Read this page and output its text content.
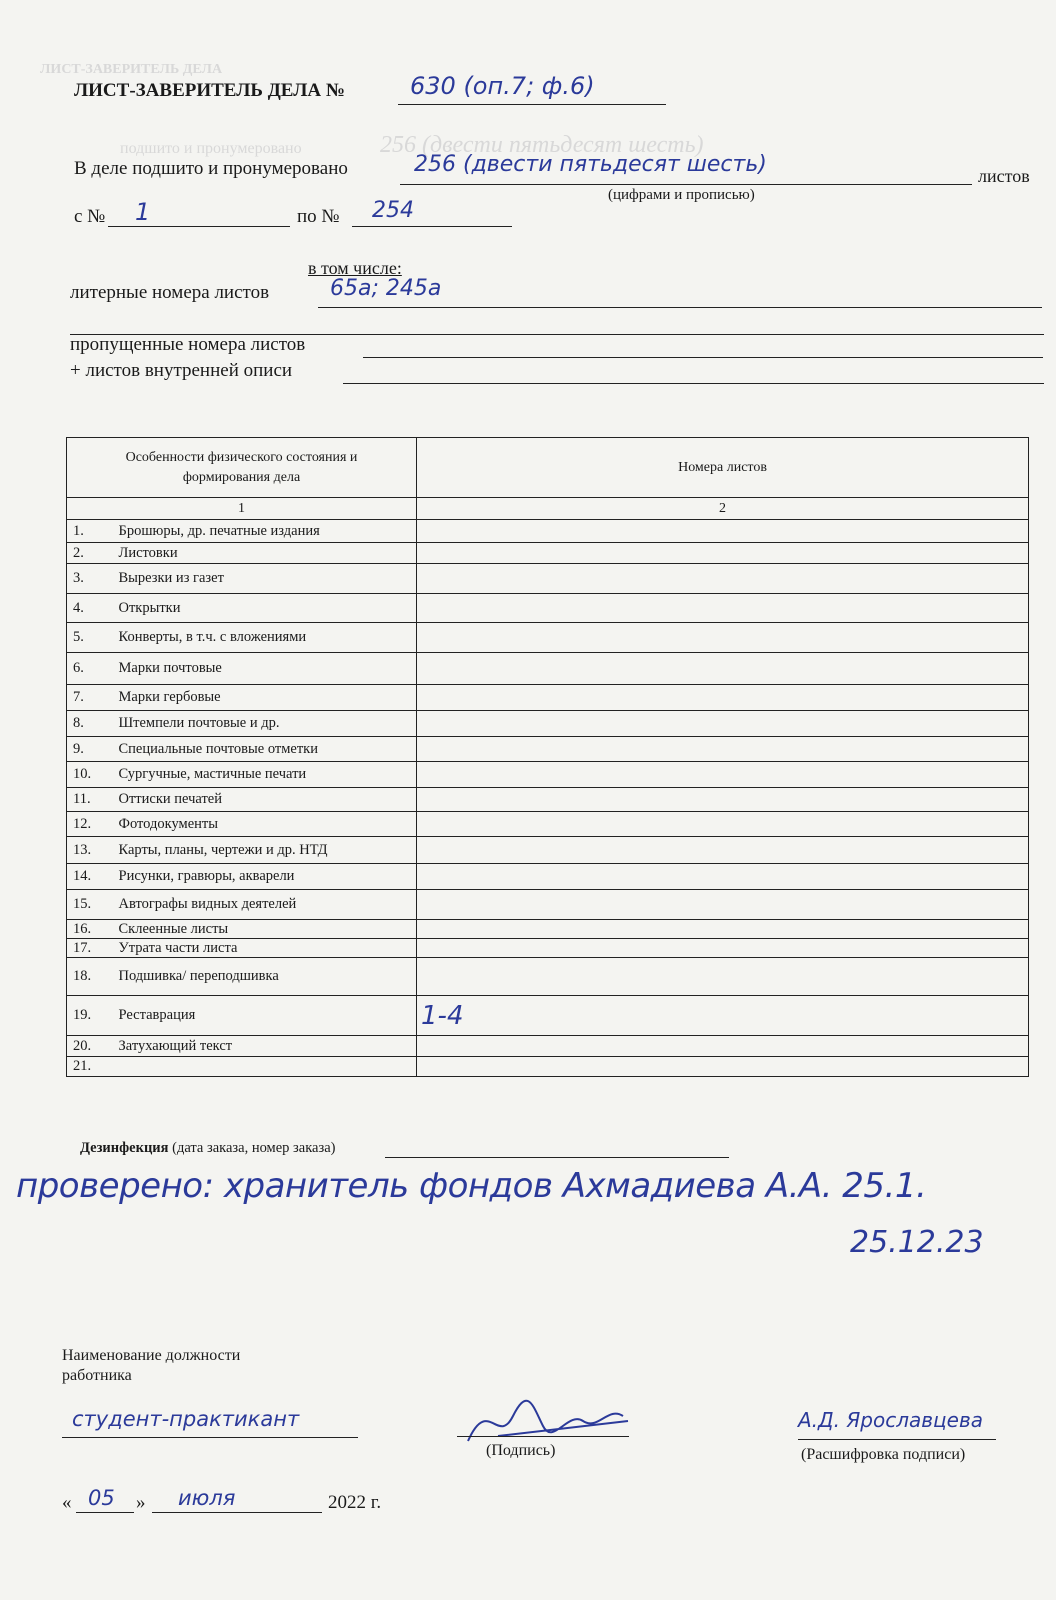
ЛИСТ-ЗАВЕРИТЕЛЬ ДЕЛА
подшито и пронумеровано	256 (двести пятьдесят шесть)
ЛИСТ-ЗАВЕРИТЕЛЬ ДЕЛА №	630 (оп.7; ф.6)
В деле подшито и пронумеровано	256 (двести пятьдесят шесть)	листов
(цифрами и прописью)
с № 1	по № 254
в том числе:
литерные номера листов	65а; 245а
пропущенные номера листов
+ листов внутренней описи
Особенности физического состояния и формирования дела		Номера листов
1		2
1.	Брошюры, др. печатные издания	
2.	Листовки	
3.	Вырезки из газет	
4.	Открытки	
5.	Конверты, в т.ч. с вложениями	
6.	Марки почтовые	
7.	Марки гербовые	
8.	Штемпели почтовые и др.	
9.	Специальные почтовые отметки	
10.	Сургучные, мастичные печати	
11.	Оттиски печатей	
12.	Фотодокументы	
13.	Карты, планы, чертежи и др. НТД	
14.	Рисунки, гравюры, акварели	
15.	Автографы видных деятелей	
16.	Склеенные листы	
17.	Утрата части листа	
18.	Подшивка/ переподшивка	
19.	Реставрация	1-4
20.	Затухающий текст	
21.		
Дезинфекция (дата заказа, номер заказа)
проверено: хранитель фондов Ахмадиева А.А. 25.1.
25.12.23
Наименование должности
работника
студент-практикант
(Подпись)
А.Д. Ярославцева
(Расшифровка подписи)
« 05 » июля	2022 г.
